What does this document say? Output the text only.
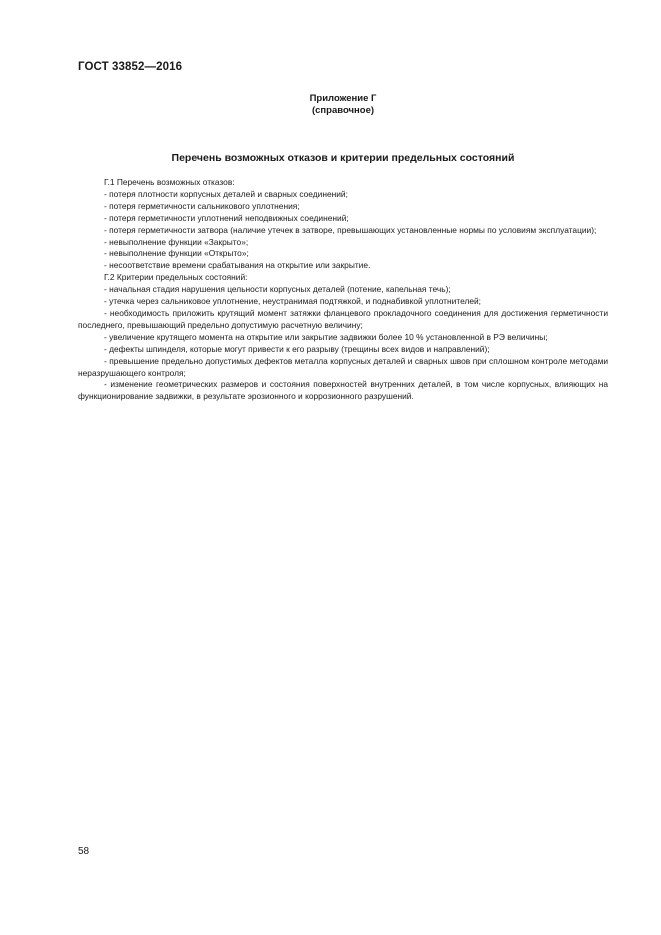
ГОСТ 33852—2016
Приложение Г
(справочное)
Перечень возможных отказов и критерии предельных состояний

Г.1 Перечень возможных отказов:

- потеря плотности корпусных деталей и сварных соединений;

- потеря герметичности сальникового уплотнения;

- потеря герметичности уплотнений неподвижных соединений;

- потеря герметичности затвора (наличие утечек в затворе, превышающих установленные нормы по условиям эксплуатации);

- невыполнение функции «Закрыто»;

- невыполнение функции «Открыто»;

- несоответствие времени срабатывания на открытие или закрытие.

Г.2 Критерии предельных состояний:

- начальная стадия нарушения цельности корпусных деталей (потение, капельная течь);

- утечка через сальниковое уплотнение, неустранимая подтяжкой, и поднабивкой уплотнителей;

- необходимость приложить крутящий момент затяжки фланцевого прокладочного соединения для достижения герметичности последнего, превышающий предельно допустимую расчетную величину;

- увеличение крутящего момента на открытие или закрытие задвижки более 10 % установленной в РЭ величины;

- дефекты шпинделя, которые могут привести к его разрыву (трещины всех видов и направлений);

- превышение предельно допустимых дефектов металла корпусных деталей и сварных швов при сплошном контроле методами неразрушающего контроля;

- изменение геометрических размеров и состояния поверхностей внутренних деталей, в том числе корпусных, влияющих на функционирование задвижки, в результате эрозионного и коррозионного разрушений.

58
